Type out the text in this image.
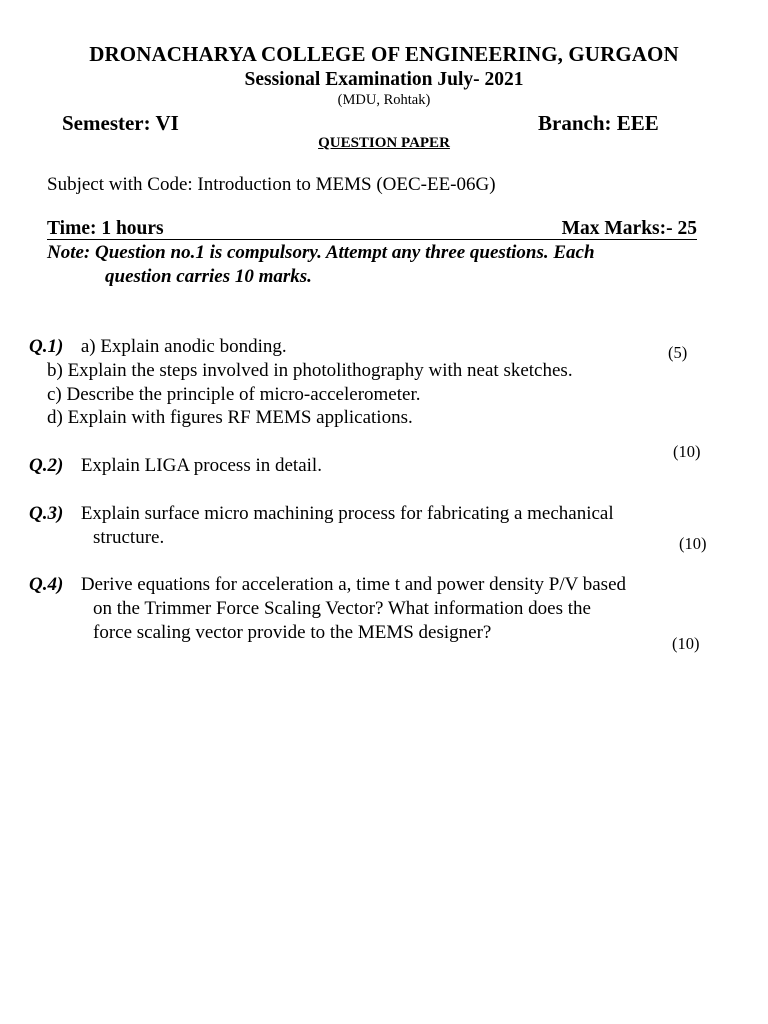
DRONACHARYA COLLEGE OF ENGINEERING, GURGAON
Sessional Examination July- 2021
(MDU, Rohtak)
Semester: VI	Branch: EEE
QUESTION PAPER
Subject with Code: Introduction to MEMS (OEC-EE-06G)
Time: 1 hours	Max Marks:- 25
Note: Question no.1 is compulsory. Attempt any three questions. Each
question carries 10 marks.
Q.1) a) Explain anodic bonding.	(5)
b) Explain the steps involved in photolithography with neat sketches.
c) Describe the principle of micro-accelerometer.
d) Explain with figures RF MEMS applications.
(10)
Q.2) Explain LIGA process in detail.
Q.3) Explain surface micro machining process for fabricating a mechanical
structure.	(10)
Q.4) Derive equations for acceleration a, time t and power density P/V based
on the Trimmer Force Scaling Vector? What information does the
force scaling vector provide to the MEMS designer?
(10)
